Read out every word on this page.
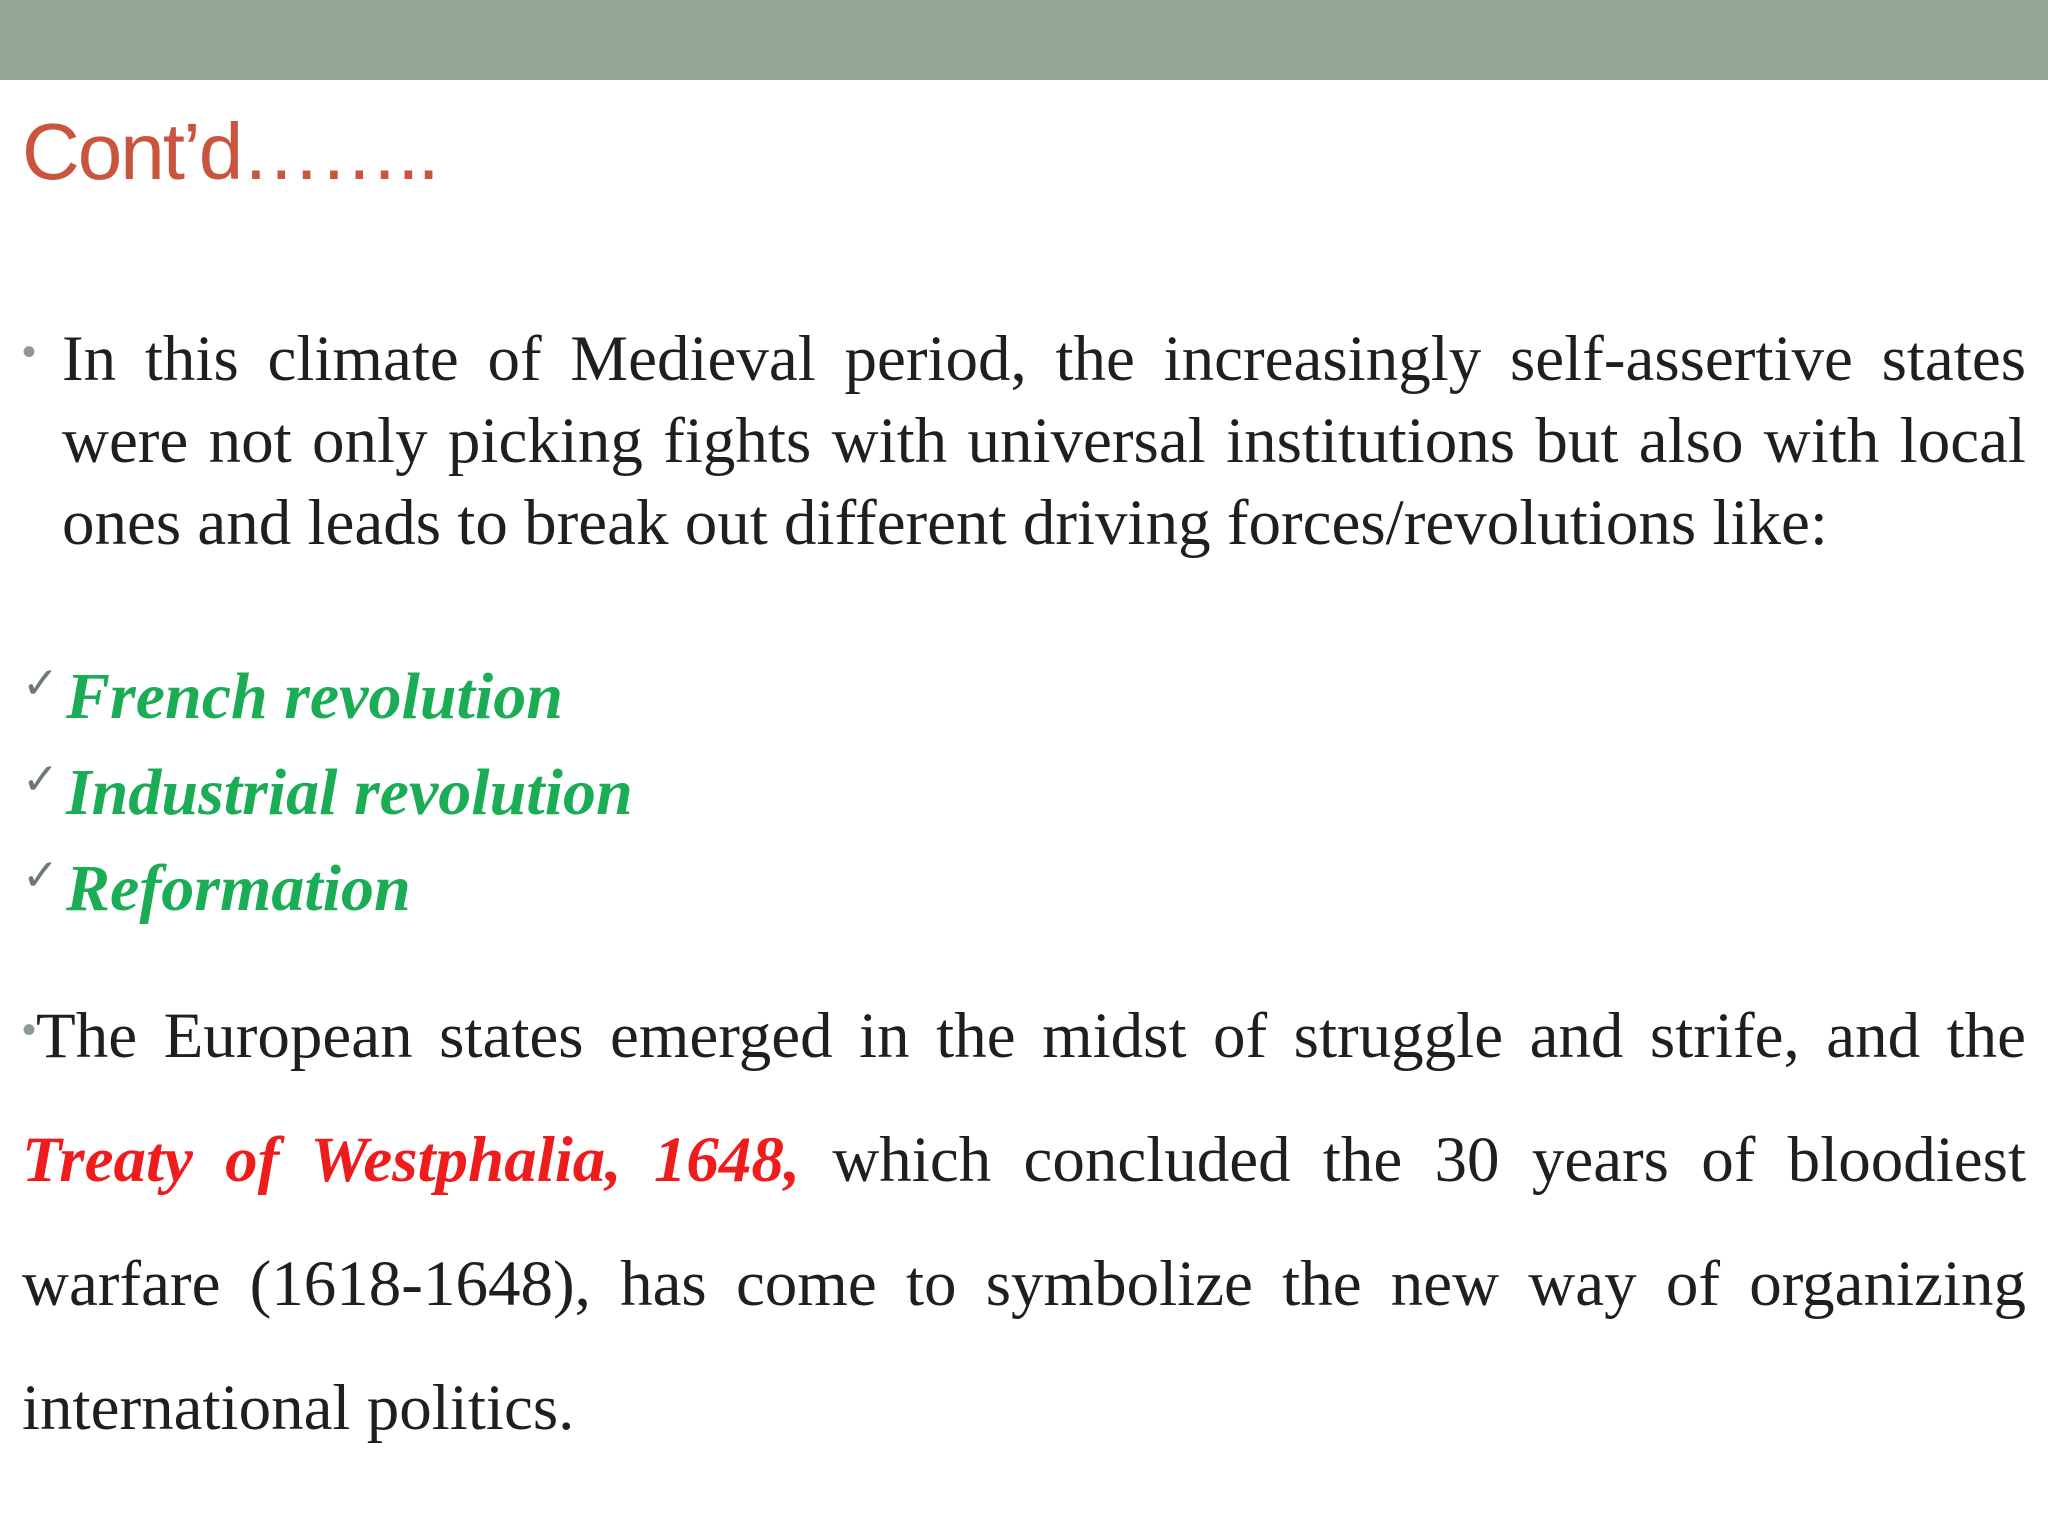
Cont’d……..
• In this climate of Medieval period, the increasingly self-assertive states were not only picking fights with universal institutions but also with local ones and leads to break out different driving forces/revolutions like:
✓ French revolution
✓ Industrial revolution
✓ Reformation
•The European states emerged in the midst of struggle and strife, and the Treaty of Westphalia, 1648, which concluded the 30 years of bloodiest warfare (1618-1648), has come to symbolize the new way of organizing international politics.
